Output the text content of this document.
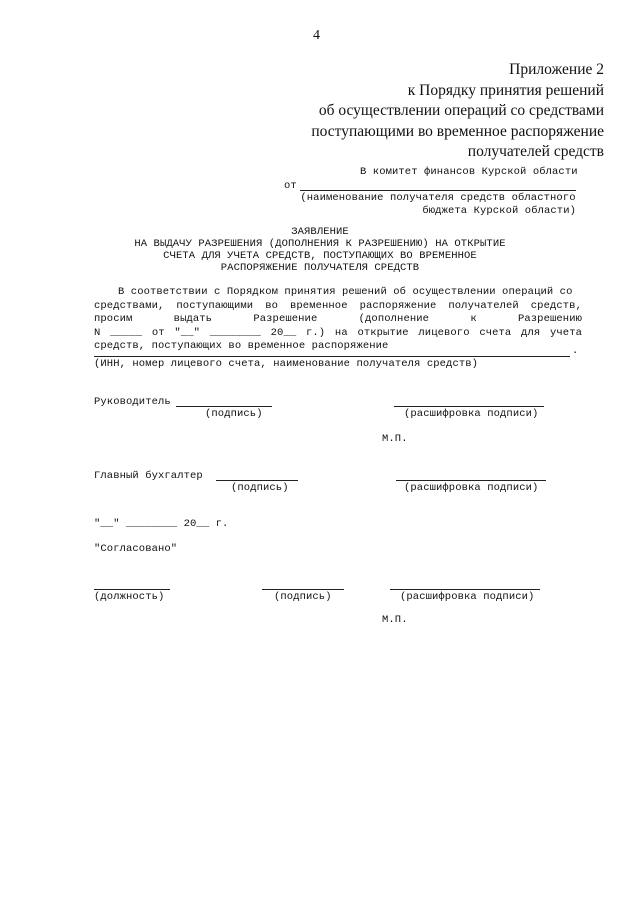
4
Приложение 2
к Порядку принятия решений
об осуществлении операций со средствами
поступающими во временное распоряжение
получателей средств
В комитет финансов Курской области
от
(наименование получателя средств областного
бюджета Курской области)
ЗАЯВЛЕНИЕ
НА ВЫДАЧУ РАЗРЕШЕНИЯ (ДОПОЛНЕНИЯ К РАЗРЕШЕНИЮ) НА ОТКРЫТИЕ
СЧЕТА ДЛЯ УЧЕТА СРЕДСТВ, ПОСТУПАЮЩИХ ВО ВРЕМЕННОЕ
РАСПОРЯЖЕНИЕ ПОЛУЧАТЕЛЯ СРЕДСТВ
В соответствии с Порядком принятия решений об осуществлении операций со
средствами, поступающими во временное распоряжение получателей средств,
просим выдать Разрешение (дополнение к Разрешению
N _____ от "__" ________ 20__ г.) на открытие лицевого счета для учета
средств, поступающих во временное распоряжение	.
(ИНН, номер лицевого счета, наименование получателя средств)
Руководитель
(подпись)	(расшифровка подписи)
М.П.
Главный бухгалтер
(подпись)	(расшифровка подписи)
"__" ________ 20__ г.
"Согласовано"
(должность)	(подпись)	(расшифровка подписи)
М.П.
